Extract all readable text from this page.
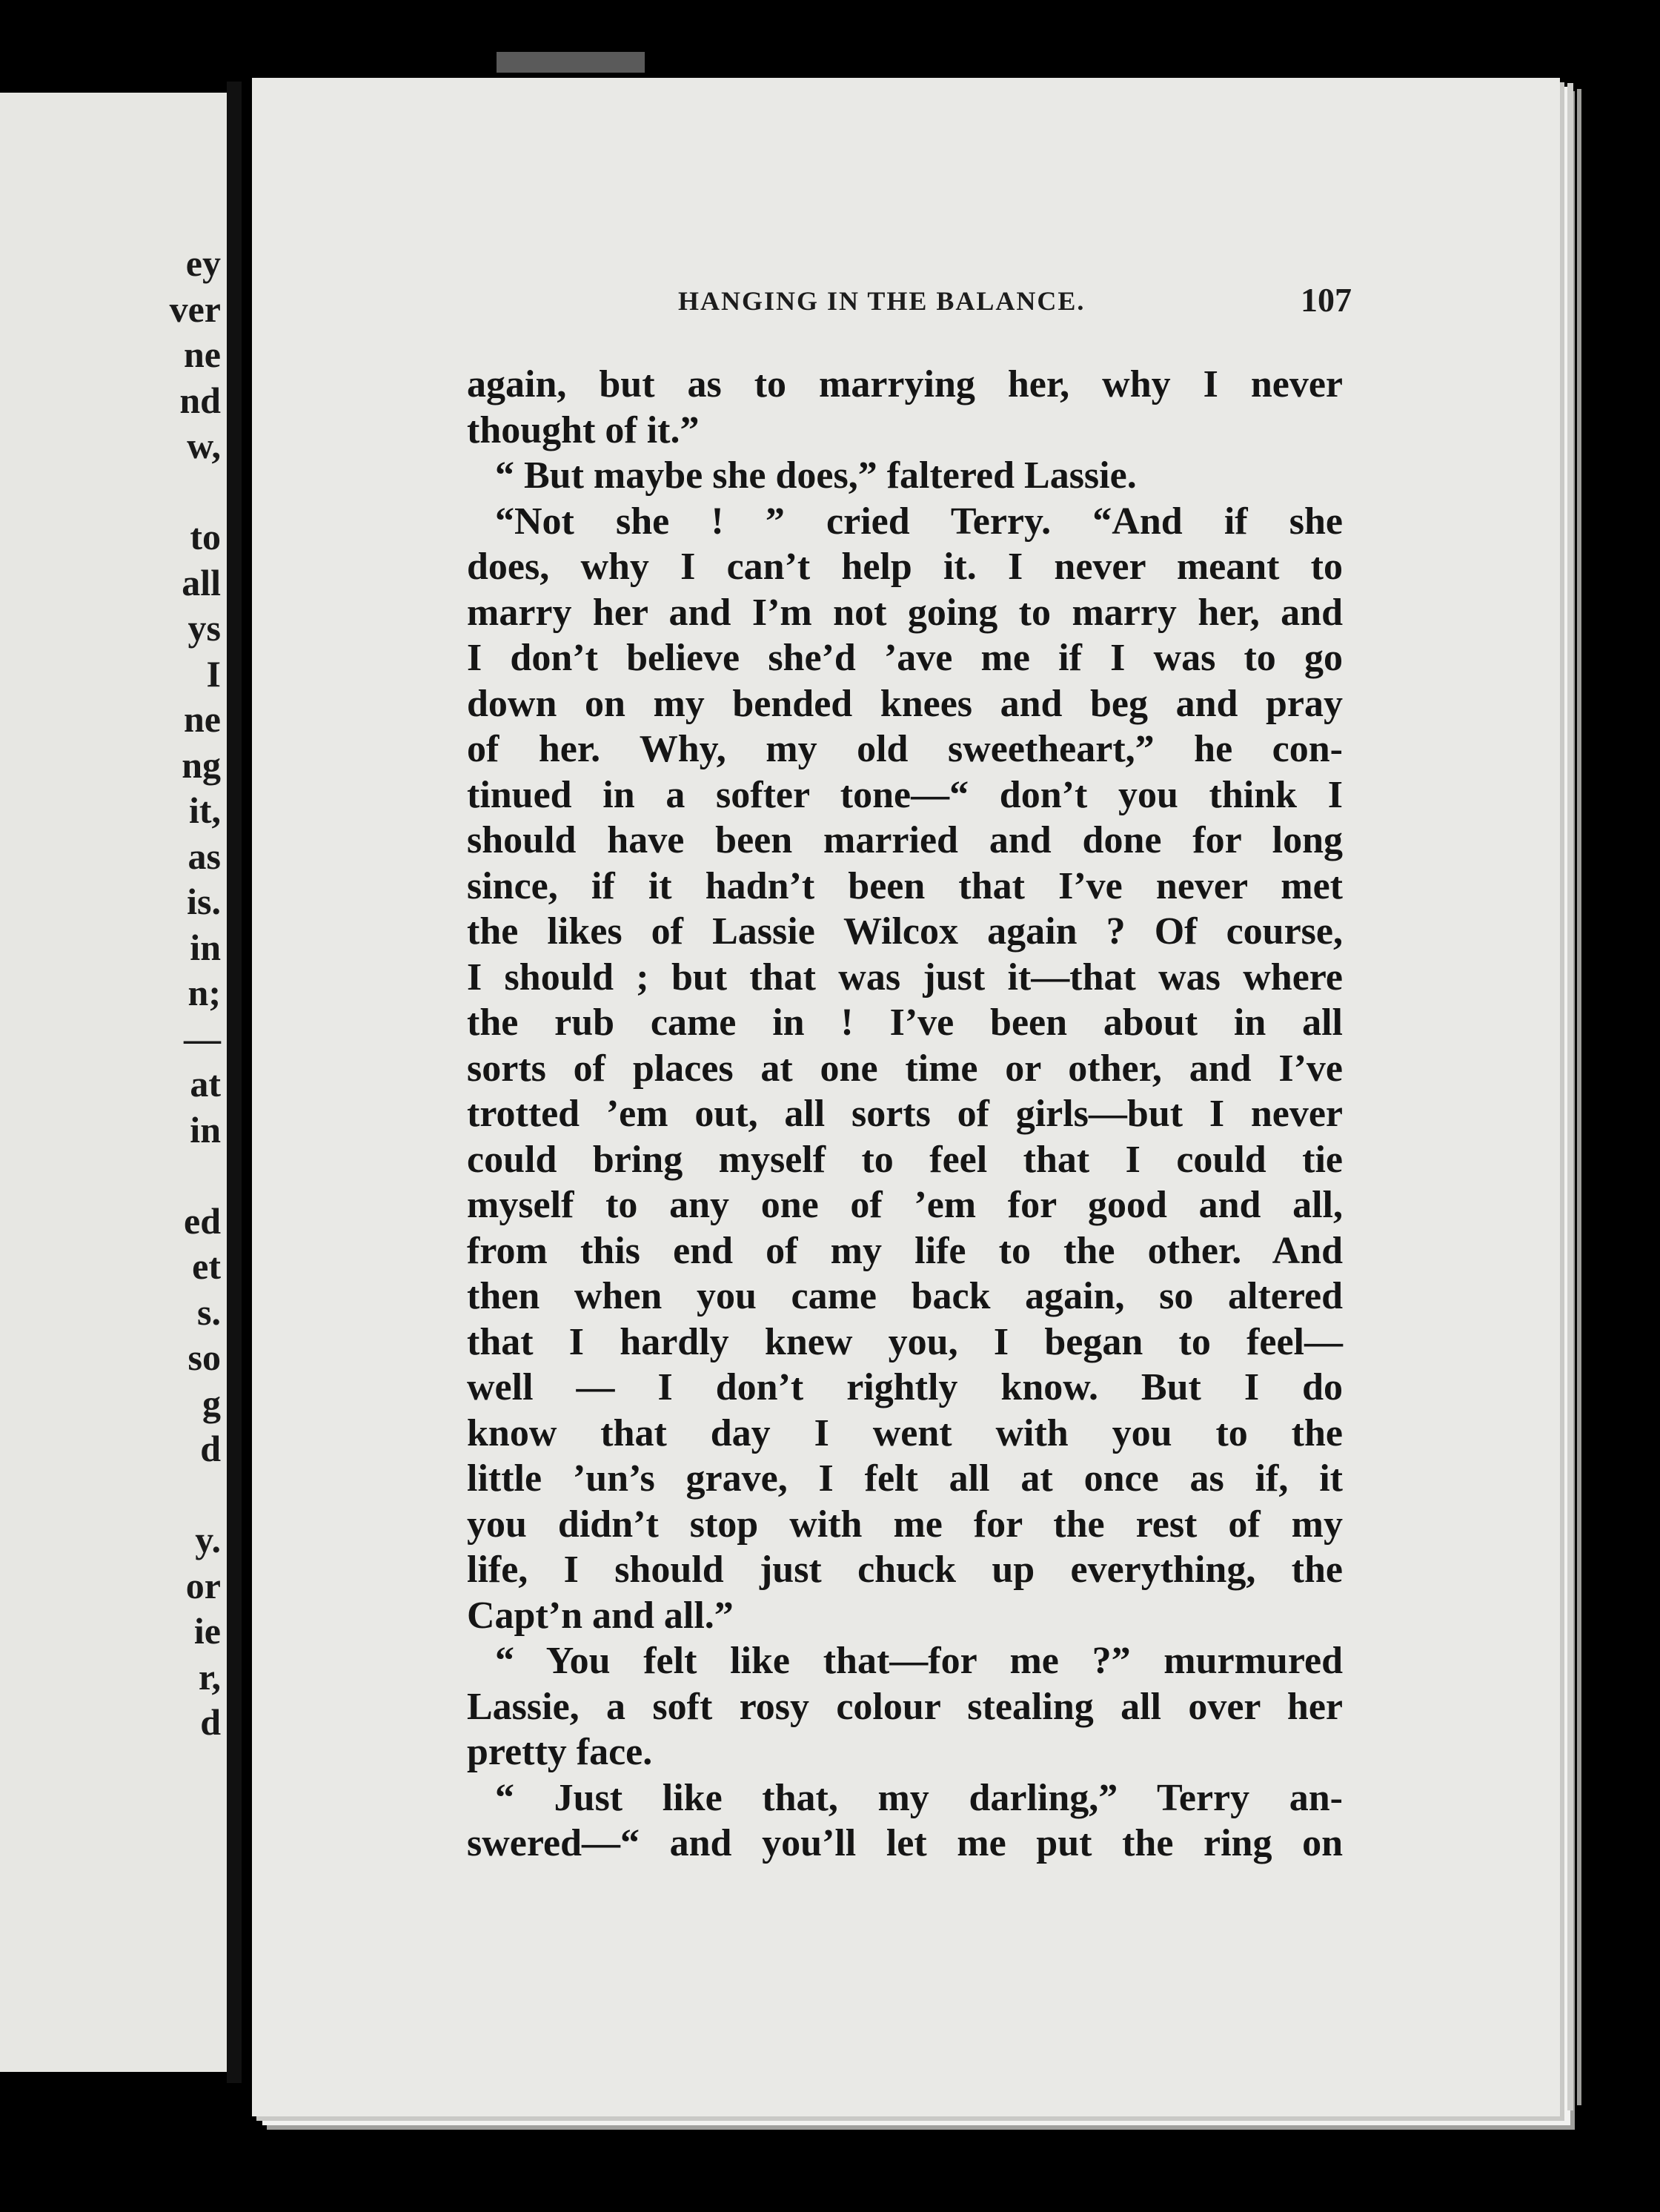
ey
ver
ne
nd
w,
to
all
ys
I
ne
ng
it,
as
is.
in
n;
—
at
in
ed
et
s.
so
g
d
y.
or
ie
r,
d
HANGING IN THE BALANCE.	107
again, but as to marrying her, why I never
thought of it.”
“ But maybe she does,” faltered Lassie.
“Not she ! ” cried Terry. “And if she
does, why I can’t help it. I never meant to
marry her and I’m not going to marry her, and
I don’t believe she’d ’ave me if I was to go
down on my bended knees and beg and pray
of her. Why, my old sweetheart,” he con-
tinued in a softer tone—“ don’t you think I
should have been married and done for long
since, if it hadn’t been that I’ve never met
the likes of Lassie Wilcox again ? Of course,
I should ; but that was just it—that was where
the rub came in ! I’ve been about in all
sorts of places at one time or other, and I’ve
trotted ’em out, all sorts of girls—but I never
could bring myself to feel that I could tie
myself to any one of ’em for good and all,
from this end of my life to the other. And
then when you came back again, so altered
that I hardly knew you, I began to feel—
well — I don’t rightly know. But I do
know that day I went with you to the
little ’un’s grave, I felt all at once as if, it
you didn’t stop with me for the rest of my
life, I should just chuck up everything, the
Capt’n and all.”
“ You felt like that—for me ?” murmured
Lassie, a soft rosy colour stealing all over her
pretty face.
“ Just like that, my darling,” Terry an-
swered—“ and you’ll let me put the ring on
